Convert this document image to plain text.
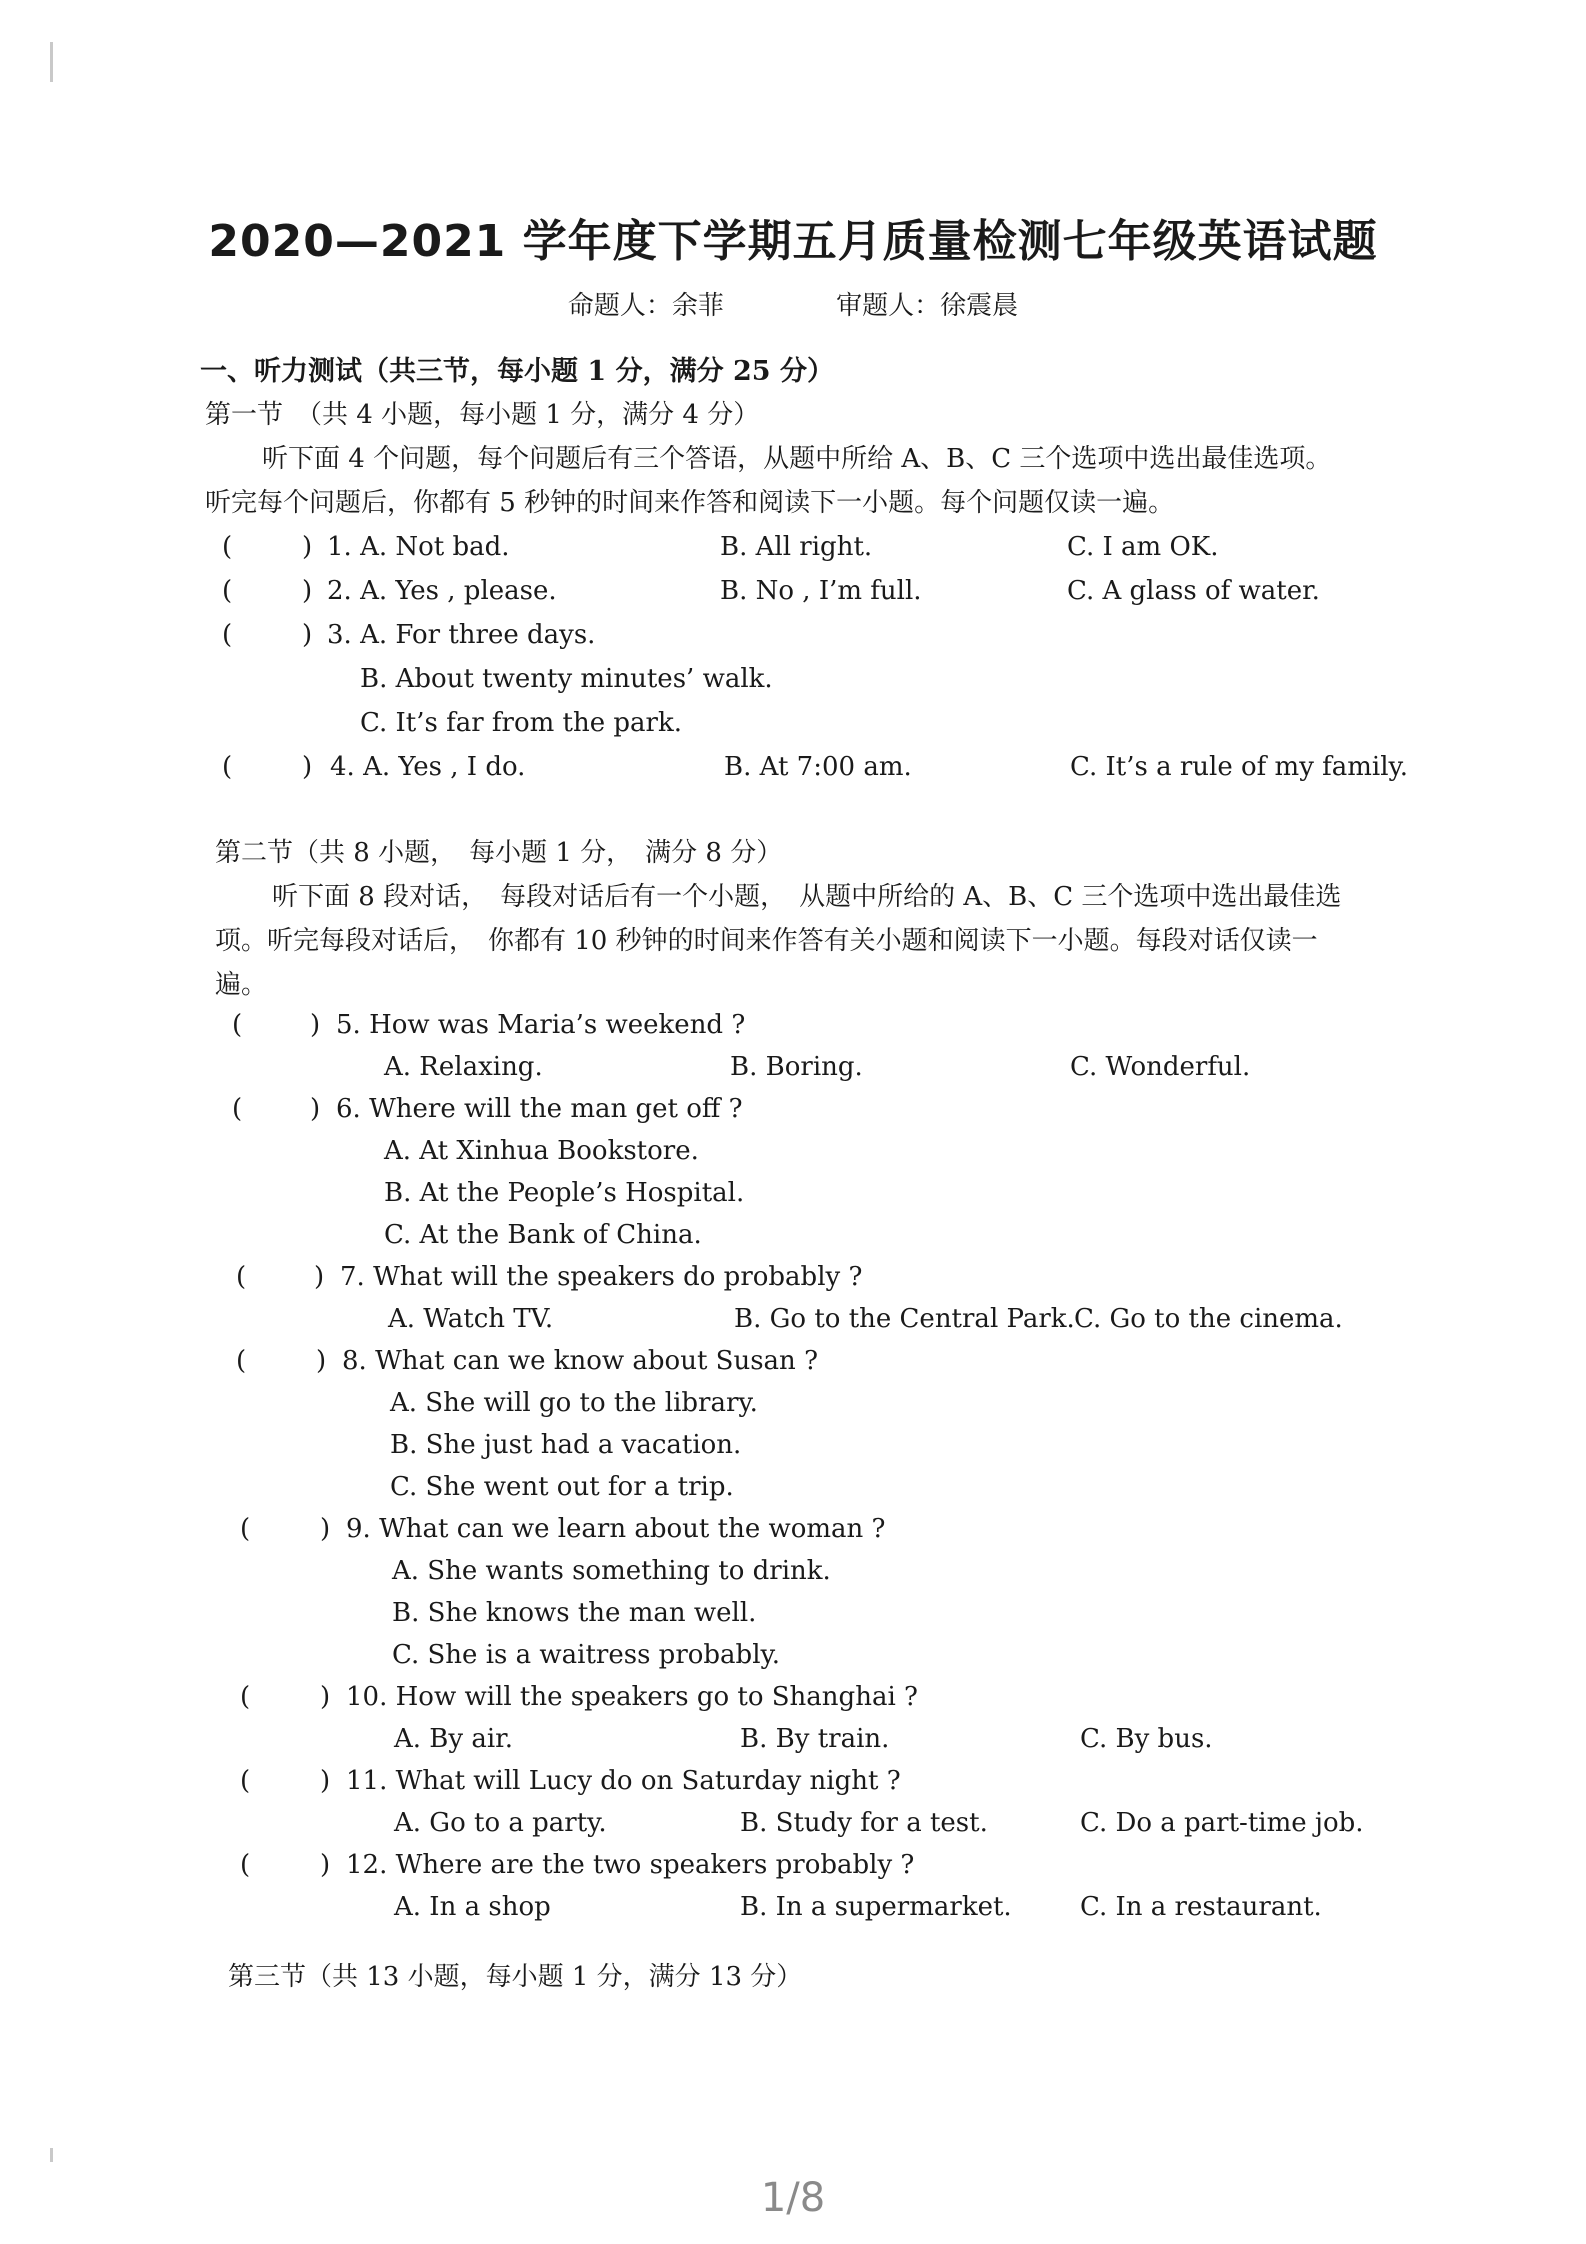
2020—2021 学年度下学期五月质量检测七年级英语试题
命题人：余菲	审题人：徐震晨
一、听力测试（共三节，每小题 1 分，满分 25 分）
第一节　（共 4 小题，每小题 1 分，满分 4 分）
听下面 4 个问题，每个问题后有三个答语，从题中所给 A、B、C 三个选项中选出最佳选项。
听完每个问题后，你都有 5 秒钟的时间来作答和阅读下一小题。每个问题仅读一遍。
(	) 1. A. Not bad.	B. All right.	C. I am OK.
(	) 2. A. Yes , please.	B. No , I’m full.	C. A glass of water.
(	) 3. A. For three days.
B. About twenty minutes’ walk.
C. It’s far from the park.
(	) 4. A. Yes , I do.	B. At 7:00 am.	C. It’s a rule of my family.
第二节（共 8 小题，　每小题 1 分，　满分 8 分）
听下面 8 段对话，　每段对话后有一个小题，　从题中所给的 A、B、C 三个选项中选出最佳选
项。听完每段对话后，　你都有 10 秒钟的时间来作答有关小题和阅读下一小题。每段对话仅读一
遍。
(	) 5. How was Maria’s weekend ?
A. Relaxing.	B. Boring.	C. Wonderful.
(	) 6. Where will the man get off ?
A. At Xinhua Bookstore.
B. At the People’s Hospital.
C. At the Bank of China.
(	) 7. What will the speakers do probably ?
A. Watch TV.	B. Go to the Central Park. C. Go to the cinema.
(	) 8. What can we know about Susan ?
A. She will go to the library.
B. She just had a vacation.
C. She went out for a trip.
(	) 9. What can we learn about the woman ?
A. She wants something to drink.
B. She knows the man well.
C. She is a waitress probably.
(	) 10. How will the speakers go to Shanghai ?
A. By air.	B. By train.	C. By bus.
(	) 11. What will Lucy do on Saturday night ?
A. Go to a party.	B. Study for a test.	C. Do a part-time job.
(	) 12. Where are the two speakers probably ?
A. In a shop	B. In a supermarket.	C. In a restaurant.
第三节（共 13 小题，每小题 1 分，满分 13 分）
1/8
